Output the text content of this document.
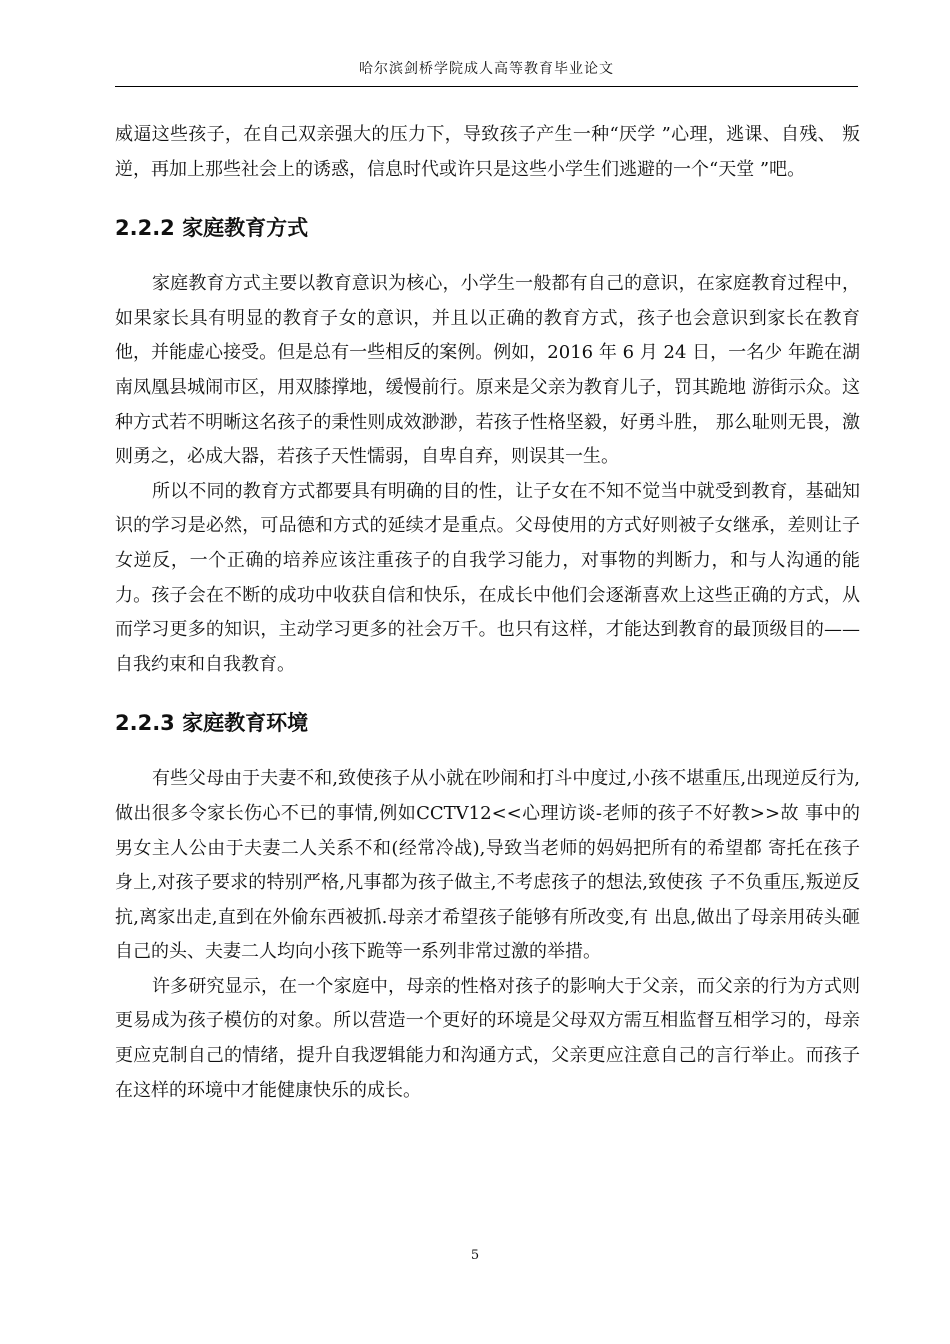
哈尔滨剑桥学院成人高等教育毕业论文

威逼这些孩子，在自己双亲强大的压力下，导致孩子产生一种“厌学 ”心理，逃课、自残、 叛逆，再加上那些社会上的诱惑，信息时代或许只是这些小学生们逃避的一个“天堂 ”吧。

2.2.2 家庭教育方式

家庭教育方式主要以教育意识为核心，小学生一般都有自己的意识，在家庭教育过程中，如果家长具有明显的教育子女的意识，并且以正确的教育方式，孩子也会意识到家长在教育他，并能虚心接受。但是总有一些相反的案例。例如，2016 年 6 月 24 日，一名少 年跪在湖南凤凰县城闹市区，用双膝撑地，缓慢前行。原来是父亲为教育儿子，罚其跪地 游街示众。这种方式若不明晰这名孩子的秉性则成效渺渺，若孩子性格坚毅，好勇斗胜， 那么耻则无畏，激则勇之，必成大器，若孩子天性懦弱，自卑自弃，则误其一生。

所以不同的教育方式都要具有明确的目的性，让子女在不知不觉当中就受到教育，基础知识的学习是必然，可品德和方式的延续才是重点。父母使用的方式好则被子女继承，差则让子女逆反，一个正确的培养应该注重孩子的自我学习能力，对事物的判断力，和与人沟通的能力。孩子会在不断的成功中收获自信和快乐，在成长中他们会逐渐喜欢上这些正确的方式，从而学习更多的知识，主动学习更多的社会万千。也只有这样，才能达到教育的最顶级目的——自我约束和自我教育。

2.2.3 家庭教育环境

有些父母由于夫妻不和,致使孩子从小就在吵闹和打斗中度过,小孩不堪重压,出现逆反行为,做出很多令家长伤心不已的事情,例如CCTV12<<心理访谈-老师的孩子不好教>>故 事中的男女主人公由于夫妻二人关系不和(经常冷战),导致当老师的妈妈把所有的希望都 寄托在孩子身上,对孩子要求的特别严格,凡事都为孩子做主,不考虑孩子的想法,致使孩 子不负重压,叛逆反抗,离家出走,直到在外偷东西被抓.母亲才希望孩子能够有所改变,有 出息,做出了母亲用砖头砸自己的头、夫妻二人均向小孩下跪等一系列非常过激的举措。

许多研究显示，在一个家庭中，母亲的性格对孩子的影响大于父亲，而父亲的行为方式则更易成为孩子模仿的对象。所以营造一个更好的环境是父母双方需互相监督互相学习的，母亲更应克制自己的情绪，提升自我逻辑能力和沟通方式，父亲更应注意自己的言行举止。而孩子在这样的环境中才能健康快乐的成长。

5
